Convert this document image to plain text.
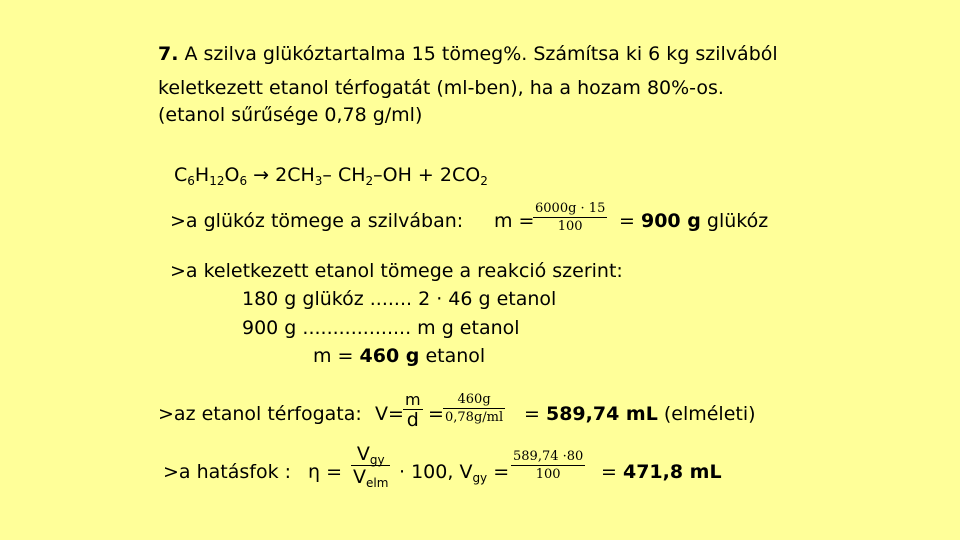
7. A szilva glükóztartalma 15 tömeg%. Számítsa ki 6 kg szilvából
keletkezett etanol térfogatát (ml-ben), ha a hozam 80%-os.
(etanol sűrűsége 0,78 g/ml)
$C_6H_{12}O_6 \to 2CH_3-$ $CH_2-OH + 2CO_2$
>a glükóz tömege a szilvában: m =
6000g · 15
100 = 900 g glükóz
>a keletkezett etanol tömege a reakció szerint:
180 g glükóz ....... 2 · 46 g etanol
900 g .................. m g etanol
m = 460 g etanol
>az etanol térfogata: V=
m
d =
460g
0,78g/ml = 589,74 mL (elméleti)
>a hatásfok : η =
$V_{gy}$
$V_{elm} \cdot 100$, $V_{gy}$ =
589,74 ·80
100 = 471,8 mL
